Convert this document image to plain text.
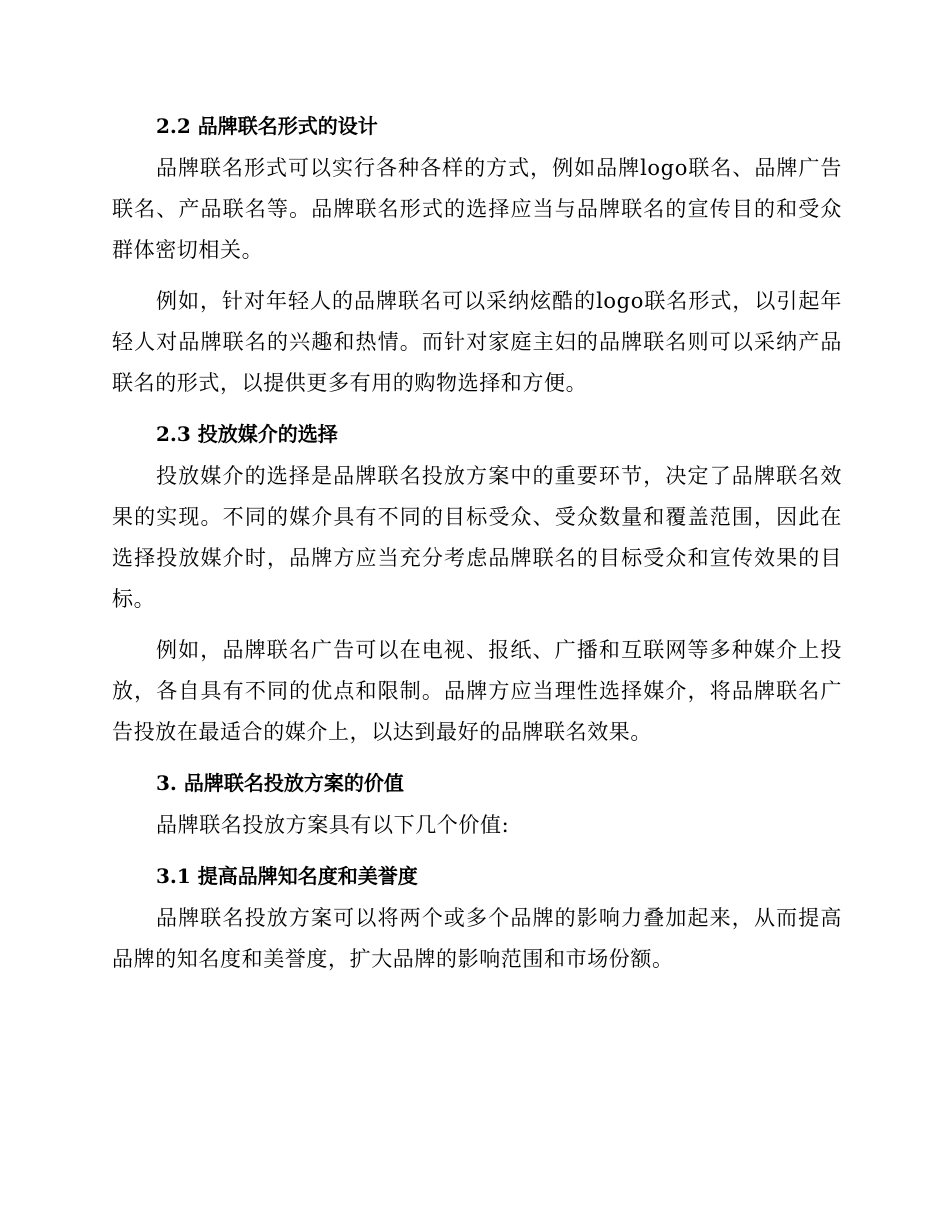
2.2 品牌联名形式的设计

品牌联名形式可以实行各种各样的方式，例如品牌logo联名、品牌广告联名、产品联名等。品牌联名形式的选择应当与品牌联名的宣传目的和受众群体密切相关。

例如，针对年轻人的品牌联名可以采纳炫酷的logo联名形式，以引起年轻人对品牌联名的兴趣和热情。而针对家庭主妇的品牌联名则可以采纳产品联名的形式，以提供更多有用的购物选择和方便。

2.3 投放媒介的选择

投放媒介的选择是品牌联名投放方案中的重要环节，决定了品牌联名效果的实现。不同的媒介具有不同的目标受众、受众数量和覆盖范围，因此在选择投放媒介时，品牌方应当充分考虑品牌联名的目标受众和宣传效果的目标。

例如，品牌联名广告可以在电视、报纸、广播和互联网等多种媒介上投放，各自具有不同的优点和限制。品牌方应当理性选择媒介，将品牌联名广告投放在最适合的媒介上，以达到最好的品牌联名效果。

3. 品牌联名投放方案的价值

品牌联名投放方案具有以下几个价值:

3.1 提高品牌知名度和美誉度

品牌联名投放方案可以将两个或多个品牌的影响力叠加起来，从而提高品牌的知名度和美誉度，扩大品牌的影响范围和市场份额。
